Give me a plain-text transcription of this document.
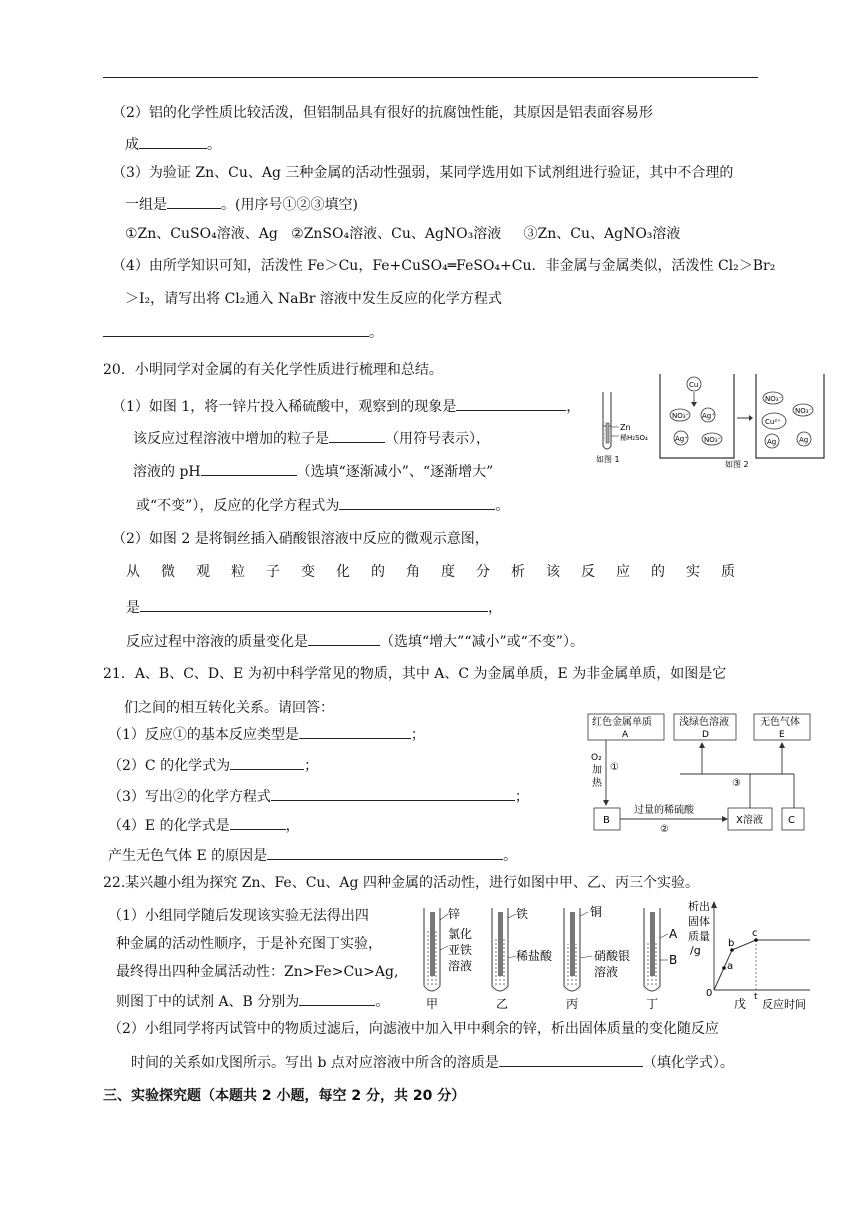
（2）铝的化学性质比较活泼，但铝制品具有很好的抗腐蚀性能，其原因是铝表面容易形
成	。
（3）为验证 Zn、Cu、Ag 三种金属的活动性强弱，某同学选用如下试剂组进行验证，其中不合理的
一组是	。(用序号①②③填空)
①Zn、CuSO₄溶液、Ag ②ZnSO₄溶液、Cu、AgNO₃溶液 ③Zn、Cu、AgNO₃溶液
（4）由所学知识可知，活泼性 Fe＞Cu，Fe+CuSO₄═FeSO₄+Cu．非金属与金属类似，活泼性 Cl₂＞Br₂
＞I₂，请写出将 Cl₂通入 NaBr 溶液中发生反应的化学方程式
。
20．小明同学对金属的有关化学性质进行梳理和总结。
（1）如图 1，将一锌片投入稀硫酸中，观察到的现象是	，
该反应过程溶液中增加的粒子是	（用符号表示），
溶液的 pH	（选填“逐渐减小”、“逐渐增大”
或“不变”），反应的化学方程式为	。
（2）如图 2 是将铜丝插入硝酸银溶液中反应的微观示意图，
从微观粒子变化的角度分析该反应的实质
是	，
反应过程中溶液的质量变化是	（选填“增大”“减小”或“不变”）。
Zn
稀H₂SO₄
如图 1
Cu
NO₃⁻ Ag⁺
Ag⁺ NO₃⁻
NO₃⁻
NO₃⁻
Cu²⁺
Ag	Ag
如图 2
21．A、B、C、D、E 为初中科学常见的物质，其中 A、C 为金属单质，E 为非金属单质，如图是它
们之间的相互转化关系。请回答：
（1）反应①的基本反应类型是	；
（2）C 的化学式为	；
（3）写出②的化学方程式	；
（4）E 的化学式是	，
产生无色气体 E 的原因是	。
红色金属单质
A
浅绿色溶液
D
无色气体
E
O₂
加
热
①
B
过量的稀硫酸
②
X溶液	C
③
22.某兴趣小组为探究 Zn、Fe、Cu、Ag 四种金属的活动性，进行如图中甲、乙、丙三个实验。
（1）小组同学随后发现该实验无法得出四
种金属的活动性顺序，于是补充图丁实验，
最终得出四种金属活动性：Zn>Fe>Cu>Ag,
则图丁中的试剂 A、B 分别为	。
锌
氯化
亚铁
溶液
甲
铁
稀盐酸
乙
铜
硝酸银
溶液
丙
A
B
丁
析出
固体
质量
/g
0
a
b
c
t
戊 反应时间
（2）小组同学将丙试管中的物质过滤后，向滤液中加入甲中剩余的锌，析出固体质量的变化随反应
时间的关系如戊图所示。写出 b 点对应溶液中所含的溶质是	（填化学式）。
三、实验探究题（本题共 2 小题，每空 2 分，共 20 分）
